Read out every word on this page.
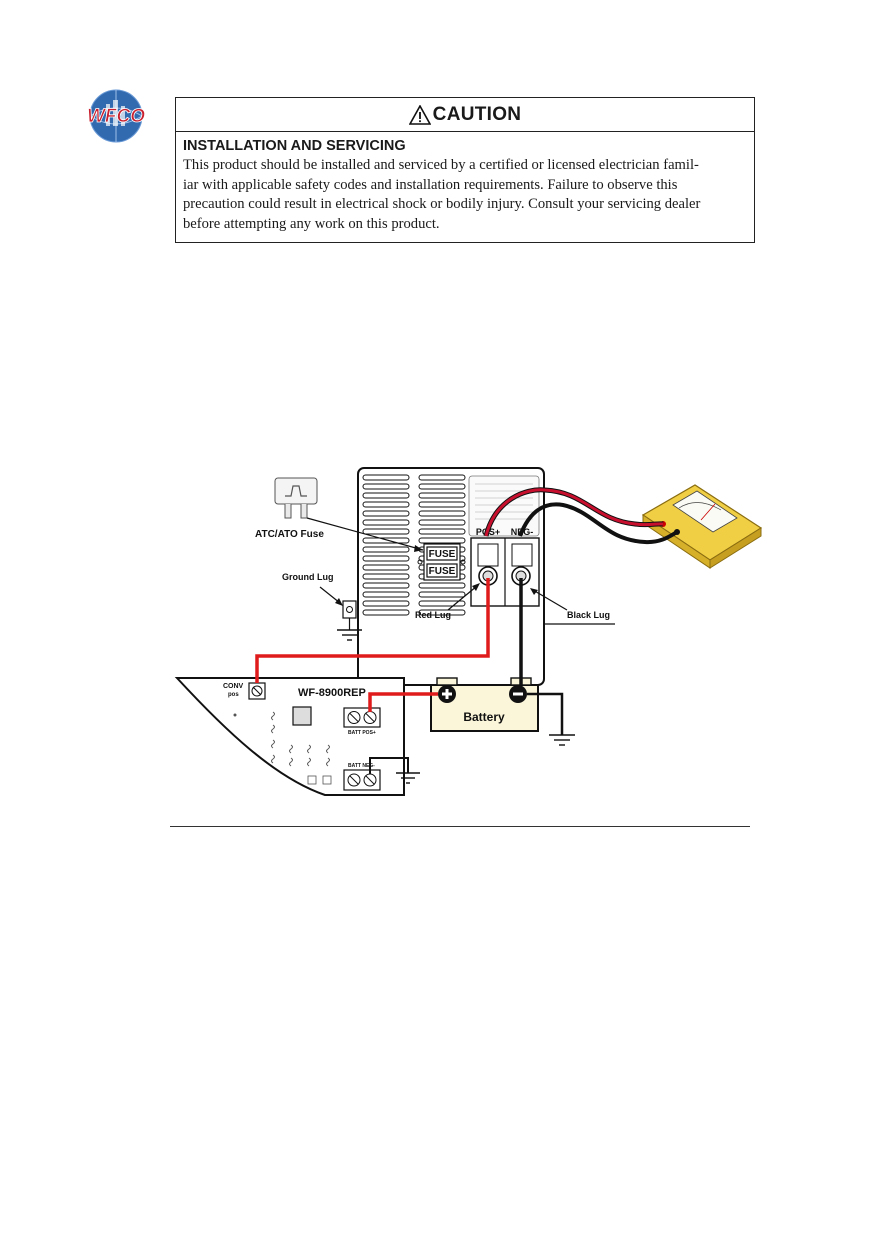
WFCO	CAUTION
INSTALLATION AND SERVICING
This product should be installed and serviced by a certified or licensed electrician famil-
iar with applicable safety codes and installation requirements. Failure to observe this
precaution could result in electrical shock or bodily injury. Consult your servicing dealer
before attempting any work on this product.
FUSE
FUSE
POS+ NEG-
ATC/ATO Fuse
Ground Lug
Red Lug	Black Lug
CONV
pos	WF-8900REP
BATT POS+
BATT NEG-
Battery
